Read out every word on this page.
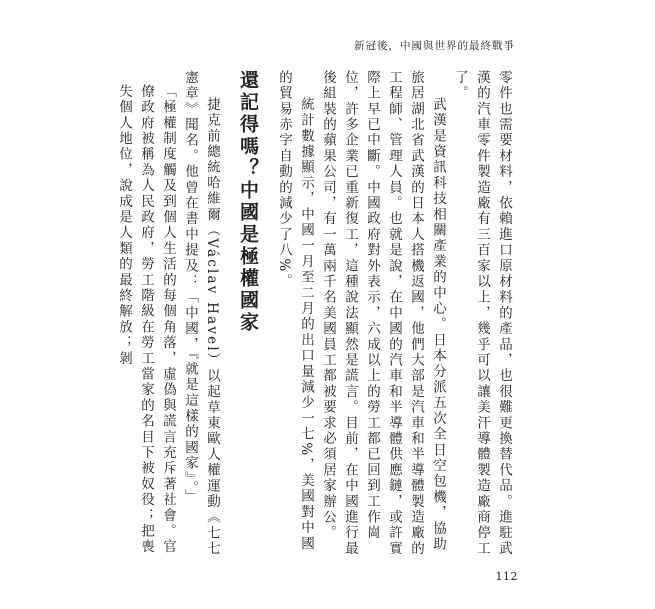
新冠後，中國與世界的最終戰爭

零件也需要材料，依賴進口原材料的產品，也很難更換替代品。進駐武漢的汽車零件製造廠有三百家以上，幾乎可以讓美汗導體製造廠商停工了。

武漢是資訊科技相關產業的中心。日本分派五次全日空包機，協助旅居湖北省武漢的日本人搭機返國，他們大部是汽車和半導體製造廠的工程師、管理人員。也就是說，在中國的汽車和半導體供應鏈，或許實際上早已中斷。中國政府對外表示，六成以上的勞工都已回到工作崗位，許多企業已重新復工，這種說法顯然是謊言。目前，在中國進行最後組裝的蘋果公司，有一萬兩千名美國員工都被要求必須居家辦公。

統計數據顯示，中國一月至二月的出口量減少一七%，美國對中國的貿易赤字自動的減少了八%。

還記得嗎？中國是極權國家

捷克前總統哈維爾（Václav Havel）以起草東歐人權運動《七七憲章》聞名。他曾在書中提及：「中國，『就是這樣的國家』。」

「極權制度觸及到個人生活的每個角落，虛偽與謊言充斥著社會。官僚政府被稱為人民政府，勞工階級在勞工當家的名目下被奴役；把喪失個人地位，說成是人類的最終解放；剝

112
